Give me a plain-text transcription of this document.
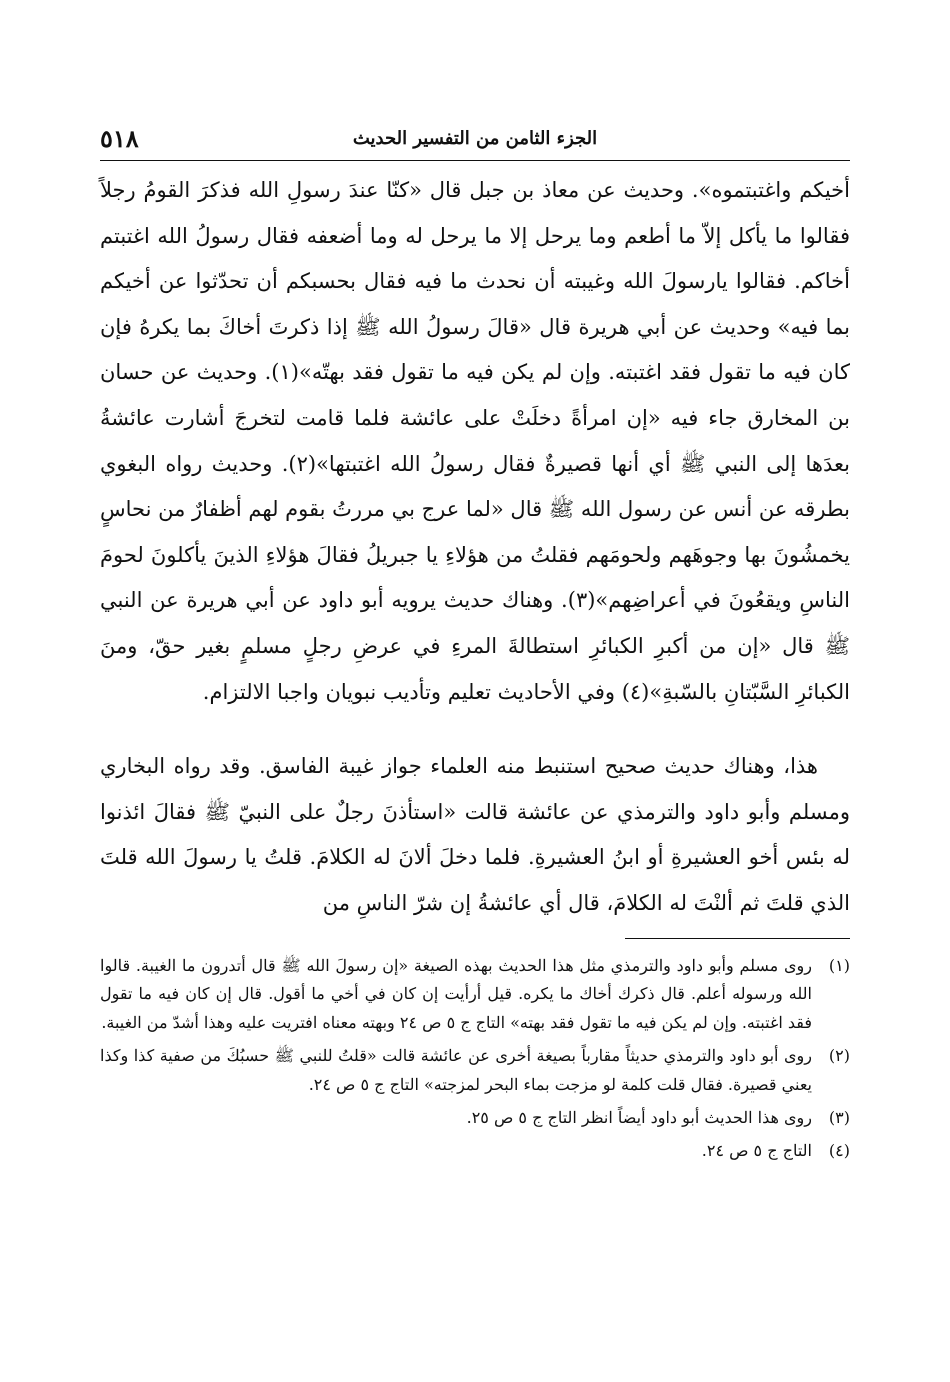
الجزء الثامن من التفسير الحديث
٥١٨

أخيكم واغتبتموه». وحديث عن معاذ بن جبل قال «كنّا عندَ رسولِ الله فذكرَ القومُ رجلاً فقالوا ما يأكل إلاّ ما أطعم وما يرحل إلا ما يرحل له وما أضعفه فقال رسولُ الله اغتبتم أخاكم. فقالوا يارسولَ الله وغيبته أن نحدث ما فيه فقال بحسبكم أن تحدّثوا عن أخيكم بما فيه» وحديث عن أبي هريرة قال «قالَ رسولُ الله ﷺ إذا ذكرتَ أخاكَ بما يكرهُ فإن كان فيه ما تقول فقد اغتبته. وإن لم يكن فيه ما تقول فقد بهتّه»(١). وحديث عن حسان بن المخارق جاء فيه «إن امرأةً دخلَتْ على عائشة فلما قامت لتخرجَ أشارت عائشةُ بعدَها إلى النبي ﷺ أي أنها قصيرةٌ فقال رسولُ الله اغتبتها»(٢). وحديث رواه البغوي بطرقه عن أنس عن رسول الله ﷺ قال «لما عرج بي مررتُ بقوم لهم أظفارٌ من نحاسٍ يخمشُونَ بها وجوهَهم ولحومَهم فقلتُ من هؤلاءِ يا جبريلُ فقالَ هؤلاءِ الذينَ يأكلونَ لحومَ الناسِ ويقعُونَ في أعراضِهم»(٣). وهناك حديث يرويه أبو داود عن أبي هريرة عن النبي ﷺ قال «إن من أكبرِ الكبائرِ استطالةَ المرءِ في عرضِ رجلٍ مسلمٍ بغير حقّ، ومنَ الكبائرِ السَّبّتانِ بالسّبةِ»(٤) وفي الأحاديث تعليم وتأديب نبويان واجبا الالتزام.

هذا، وهناك حديث صحيح استنبط منه العلماء جواز غيبة الفاسق. وقد رواه البخاري ومسلم وأبو داود والترمذي عن عائشة قالت «استأذنَ رجلٌ على النبيّ ﷺ فقالَ ائذنوا له بئس أخو العشيرةِ أو ابنُ العشيرةِ. فلما دخلَ ألانَ له الكلامَ. قلتُ يا رسولَ الله قلتَ الذي قلتَ ثم ألنْتَ له الكلامَ، قال أي عائشةُ إن شرّ الناسِ من

(١)
روى مسلم وأبو داود والترمذي مثل هذا الحديث بهذه الصيغة «إن رسولَ الله ﷺ قال أتدرون ما الغيبة. قالوا الله ورسوله أعلم. قال ذكرك أخاك ما يكره. قيل أرأيت إن كان في أخي ما أقول. قال إن كان فيه ما تقول فقد اغتبته. وإن لم يكن فيه ما تقول فقد بهته» التاج ج ٥ ص ٢٤ وبهته معناه افتريت عليه وهذا أشدّ من الغيبة.
(٢)
روى أبو داود والترمذي حديثاً مقارباً بصيغة أخرى عن عائشة قالت «قلتُ للنبي ﷺ حسبُكَ من صفية كذا وكذا يعني قصيرة. فقال قلت كلمة لو مزجت بماء البحر لمزجته» التاج ج ٥ ص ٢٤.
(٣)
روى هذا الحديث أبو داود أيضاً انظر التاج ج ٥ ص ٢٥.
(٤)
التاج ج ٥ ص ٢٤.
